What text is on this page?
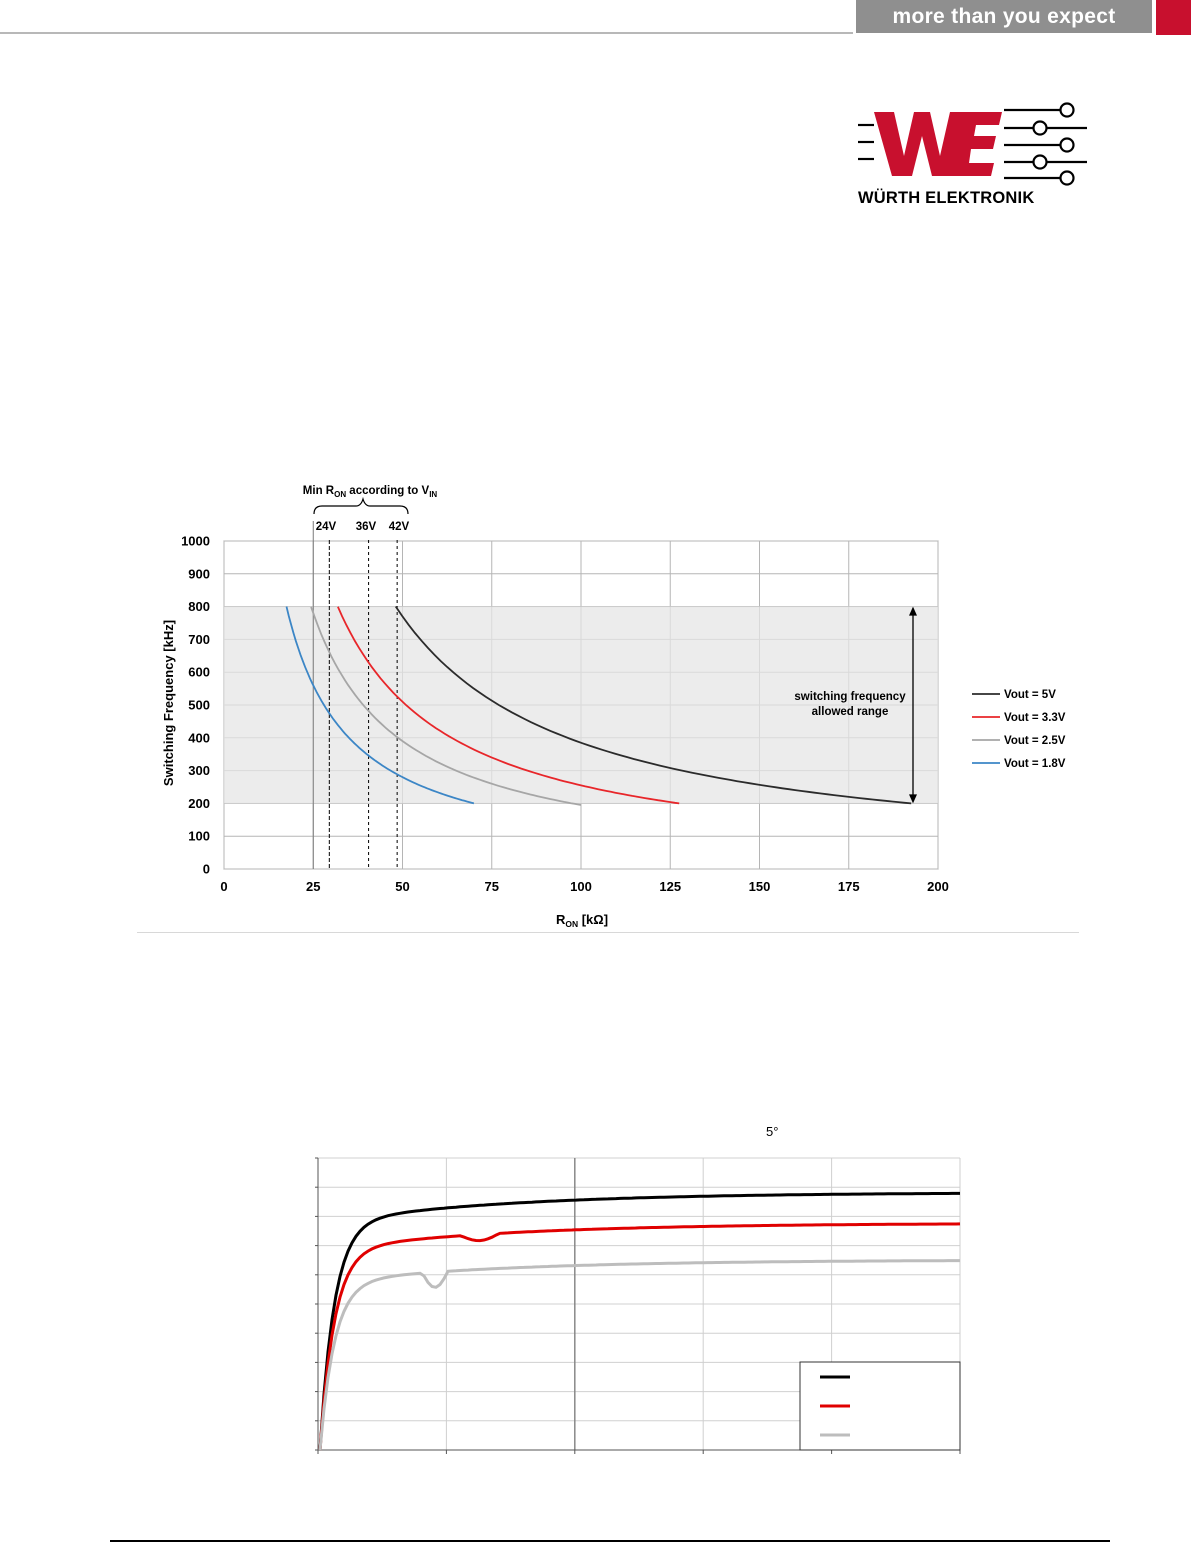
more than you expect
WÜRTH ELEKTRONIK
switching frequency
allowed range
24V 36V 42V
Min $R_{ON}$ according to $V_{IN}$
0
100
200
300
400
500
600
700
800
900
1000
0	25	50	75	100	125	150	175	200
Vout = 5V
Vout = 3.3V
Vout = 2.5V
Vout = 1.8V
$R_{ON}$ [kΩ]
Switching Frequency [kHz]
5°
